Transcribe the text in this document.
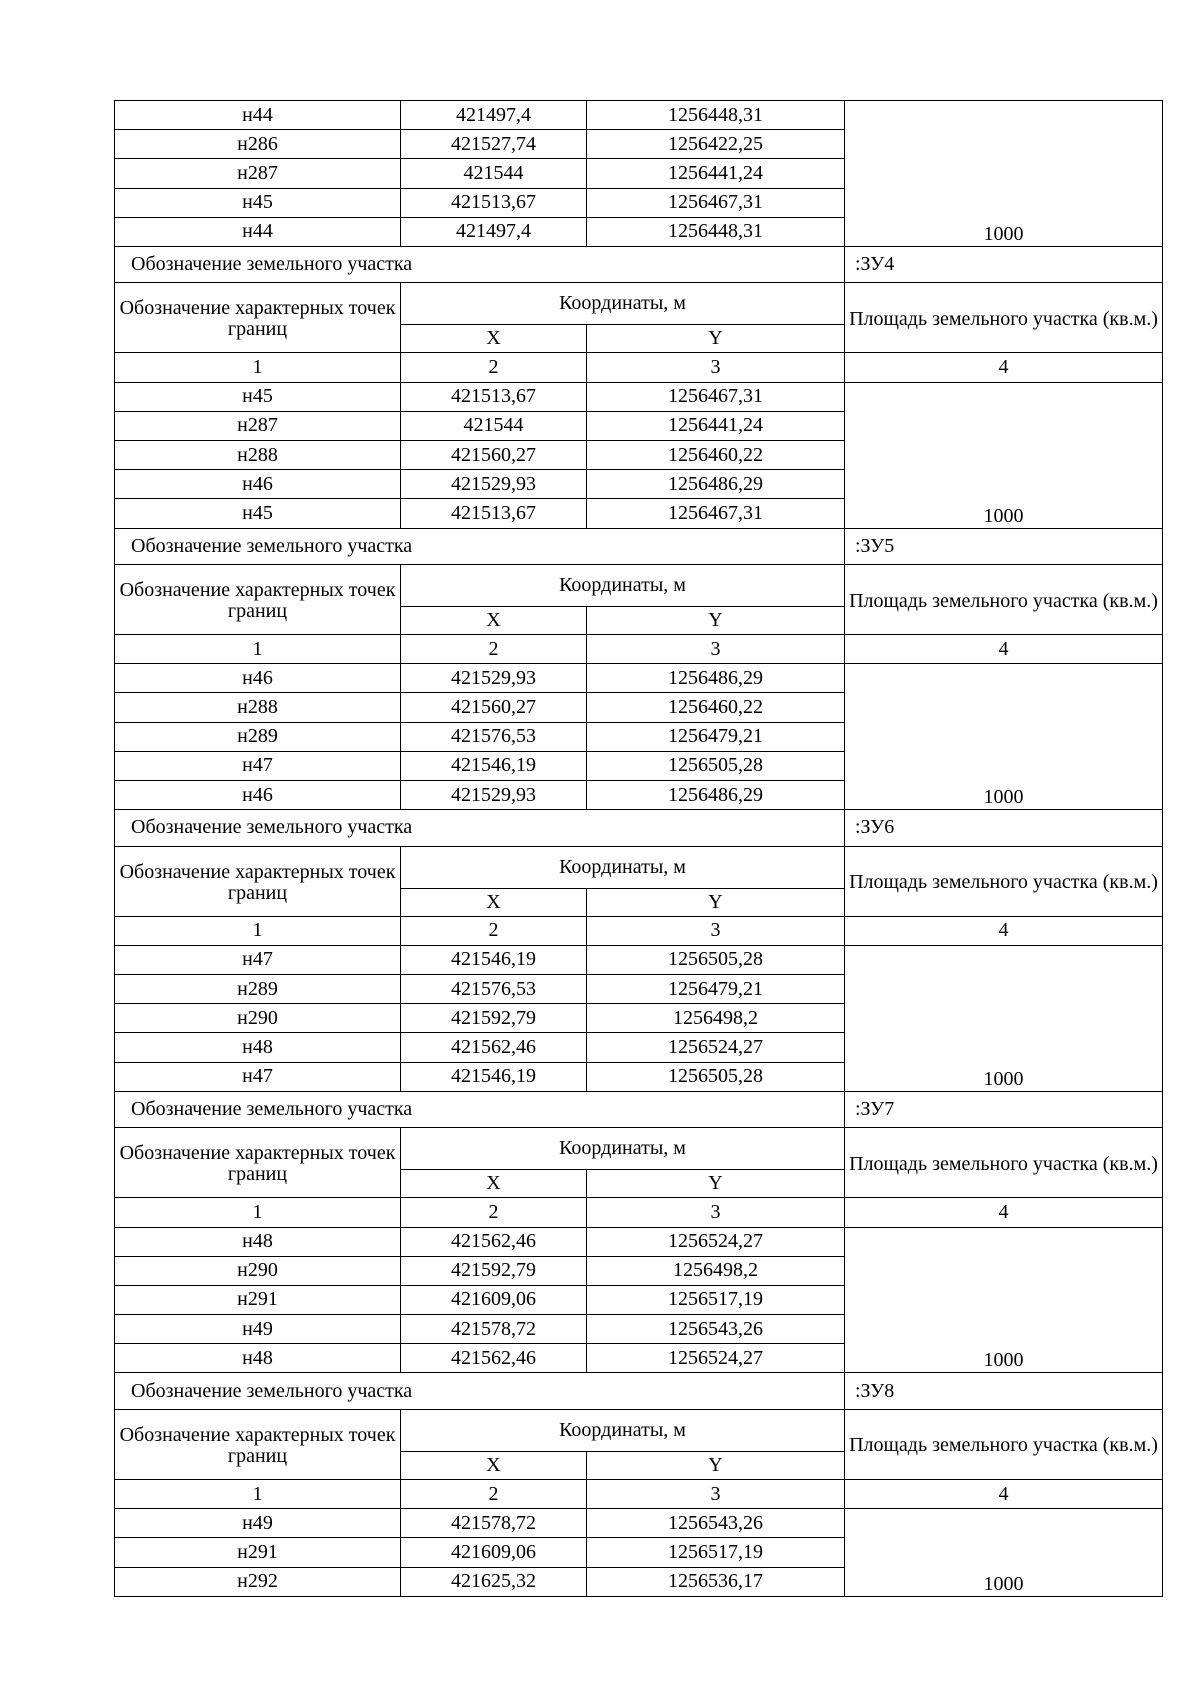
н44	421497,4	1256448,31	1000
н286	421527,74	1256422,25	
н287	421544	1256441,24	
н45	421513,67	1256467,31	
н44	421497,4	1256448,31	
Обозначение земельного участка			:ЗУ4
Обозначение характерных точек границ	Координаты, м		Площадь земельного участка (кв.м.)
	X	Y	
1	2	3	4
н45	421513,67	1256467,31	1000
н287	421544	1256441,24	
н288	421560,27	1256460,22	
н46	421529,93	1256486,29	
н45	421513,67	1256467,31	
Обозначение земельного участка			:ЗУ5
Обозначение характерных точек границ	Координаты, м		Площадь земельного участка (кв.м.)
	X	Y	
1	2	3	4
н46	421529,93	1256486,29	1000
н288	421560,27	1256460,22	
н289	421576,53	1256479,21	
н47	421546,19	1256505,28	
н46	421529,93	1256486,29	
Обозначение земельного участка			:ЗУ6
Обозначение характерных точек границ	Координаты, м		Площадь земельного участка (кв.м.)
	X	Y	
1	2	3	4
н47	421546,19	1256505,28	1000
н289	421576,53	1256479,21	
н290	421592,79	1256498,2	
н48	421562,46	1256524,27	
н47	421546,19	1256505,28	
Обозначение земельного участка			:ЗУ7
Обозначение характерных точек границ	Координаты, м		Площадь земельного участка (кв.м.)
	X	Y	
1	2	3	4
н48	421562,46	1256524,27	1000
н290	421592,79	1256498,2	
н291	421609,06	1256517,19	
н49	421578,72	1256543,26	
н48	421562,46	1256524,27	
Обозначение земельного участка			:ЗУ8
Обозначение характерных точек границ	Координаты, м		Площадь земельного участка (кв.м.)
	X	Y	
1	2	3	4
н49	421578,72	1256543,26	1000
н291	421609,06	1256517,19	
н292	421625,32	1256536,17	
